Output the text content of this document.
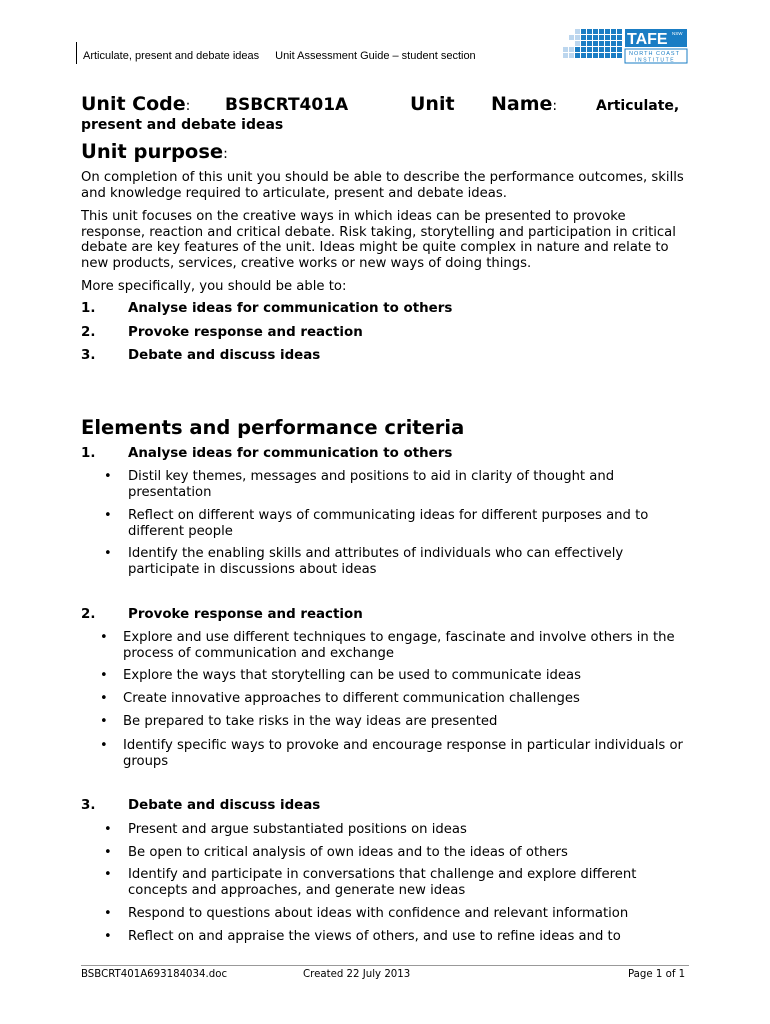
Articulate, present and debate ideas Unit Assessment Guide – student section
TAFE NSW
NORTH COAST
INSTITUTE
Unit Code: BSBCRT401A	Unit Name:	Articulate,
present and debate ideas
Unit purpose:
On completion of this unit you should be able to describe the performance outcomes, skills and knowledge required to articulate, present and debate ideas.
This unit focuses on the creative ways in which ideas can be presented to provoke response, reaction and critical debate. Risk taking, storytelling and participation in critical debate are key features of the unit. Ideas might be quite complex in nature and relate to new products, services, creative works or new ways of doing things.
More specifically, you should be able to:
1. Analyse ideas for communication to others
2. Provoke response and reaction
3. Debate and discuss ideas
Elements and performance criteria
1. Analyse ideas for communication to others
• Distil key themes, messages and positions to aid in clarity of thought and presentation
• Reflect on different ways of communicating ideas for different purposes and to different people
• Identify the enabling skills and attributes of individuals who can effectively participate in discussions about ideas
2. Provoke response and reaction
• Explore and use different techniques to engage, fascinate and involve others in the process of communication and exchange
• Explore the ways that storytelling can be used to communicate ideas
• Create innovative approaches to different communication challenges
• Be prepared to take risks in the way ideas are presented
• Identify specific ways to provoke and encourage response in particular individuals or groups
3. Debate and discuss ideas
• Present and argue substantiated positions on ideas
• Be open to critical analysis of own ideas and to the ideas of others
• Identify and participate in conversations that challenge and explore different concepts and approaches, and generate new ideas
• Respond to questions about ideas with confidence and relevant information
• Reflect on and appraise the views of others, and use to refine ideas and to
BSBCRT401A693184034.doc	Created 22 July 2013	Page 1 of 1
